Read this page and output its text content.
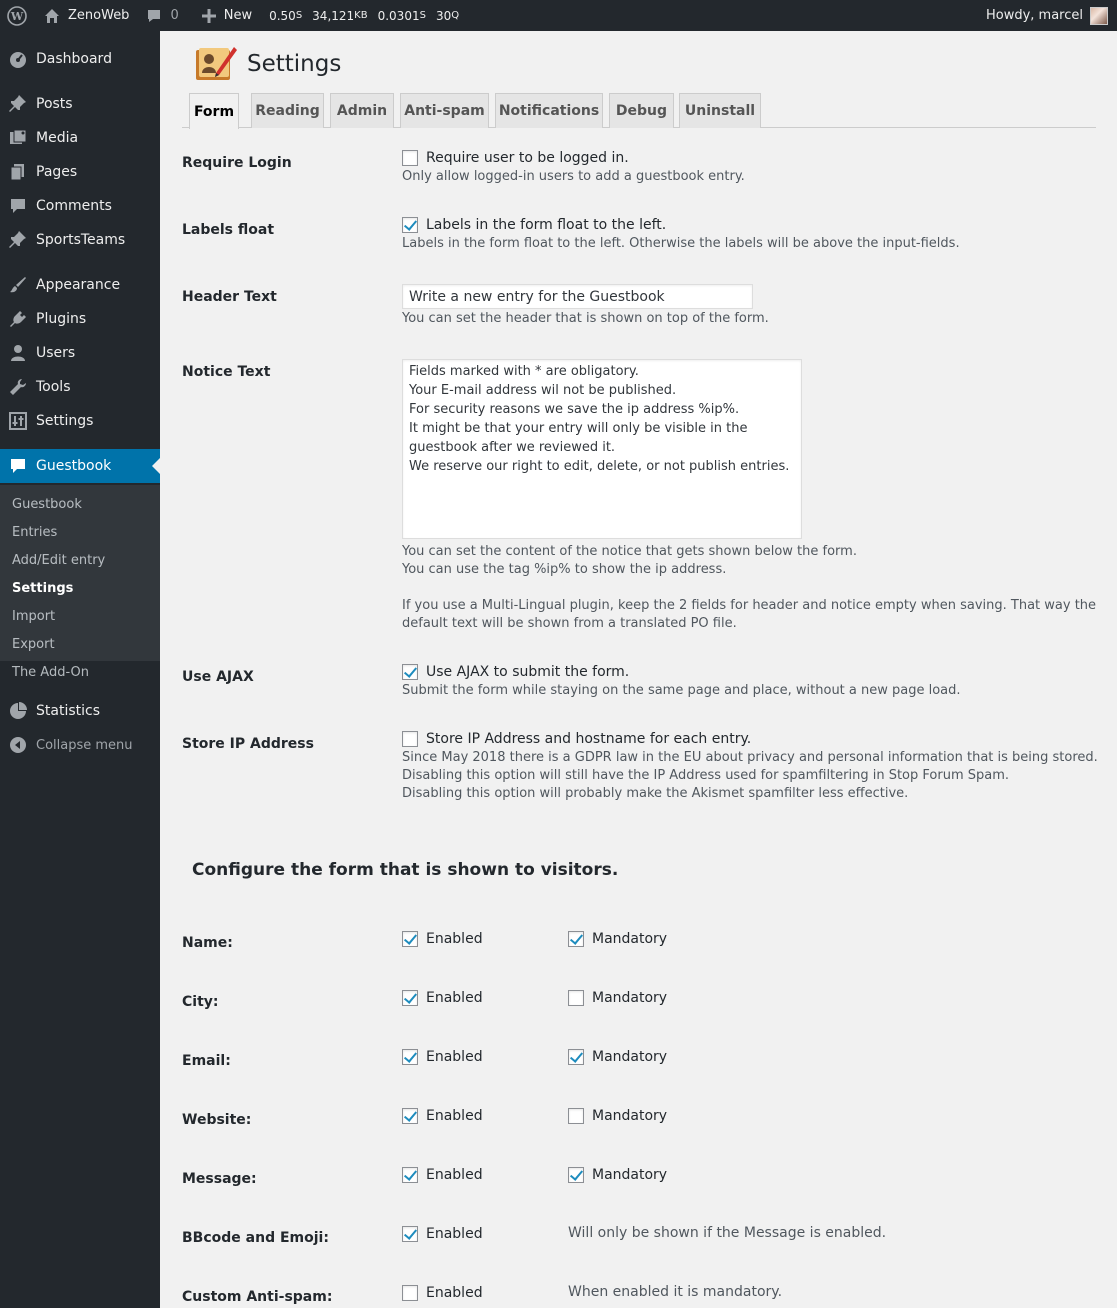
W	ZenoWeb	0	New 0.50 S 34,121 KB 0.0301 S 30 Q	Howdy, marcel
Dashboard
Posts
Media
Pages
Comments
SportsTeams
Appearance
Plugins
Users
Tools
Settings
Guestbook
Guestbook
Entries
Add/Edit entry
Settings
Import
Export
The Add-On
Statistics
Collapse menu
Settings
Form	Reading	Admin	Anti-spam	Notifications	Debug	Uninstall
Require Login	Require user to be logged in.
Only allow logged-in users to add a guestbook entry.
Labels float	Labels in the form float to the left.
Labels in the form float to the left. Otherwise the labels will be above the input-fields.
Header Text
Write a new entry for the Guestbook
You can set the header that is shown on top of the form.
Notice Text
Fields marked with * are obligatory. Your E-mail address wil not be published. For security reasons we save the ip address %ip%. It might be that your entry will only be visible in the guestbook after we reviewed it. We reserve our right to edit, delete, or not publish entries.
You can set the content of the notice that gets shown below the form.
You can use the tag %ip% to show the ip address.
If you use a Multi-Lingual plugin, keep the 2 fields for header and notice empty when saving. That way the
default text will be shown from a translated PO file.
Use AJAX	Use AJAX to submit the form.
Submit the form while staying on the same page and place, without a new page load.
Store IP Address	Store IP Address and hostname for each entry.
Since May 2018 there is a GDPR law in the EU about privacy and personal information that is being stored.
Disabling this option will still have the IP Address used for spamfiltering in Stop Forum Spam.
Disabling this option will probably make the Akismet spamfilter less effective.
Configure the form that is shown to visitors.
Name:	Enabled	Mandatory
City:	Enabled	Mandatory
Email:	Enabled	Mandatory
Website:	Enabled	Mandatory
Message:	Enabled	Mandatory
BBcode and Emoji:	Enabled	Will only be shown if the Message is enabled.
Custom Anti-spam:	Enabled	When enabled it is mandatory.
